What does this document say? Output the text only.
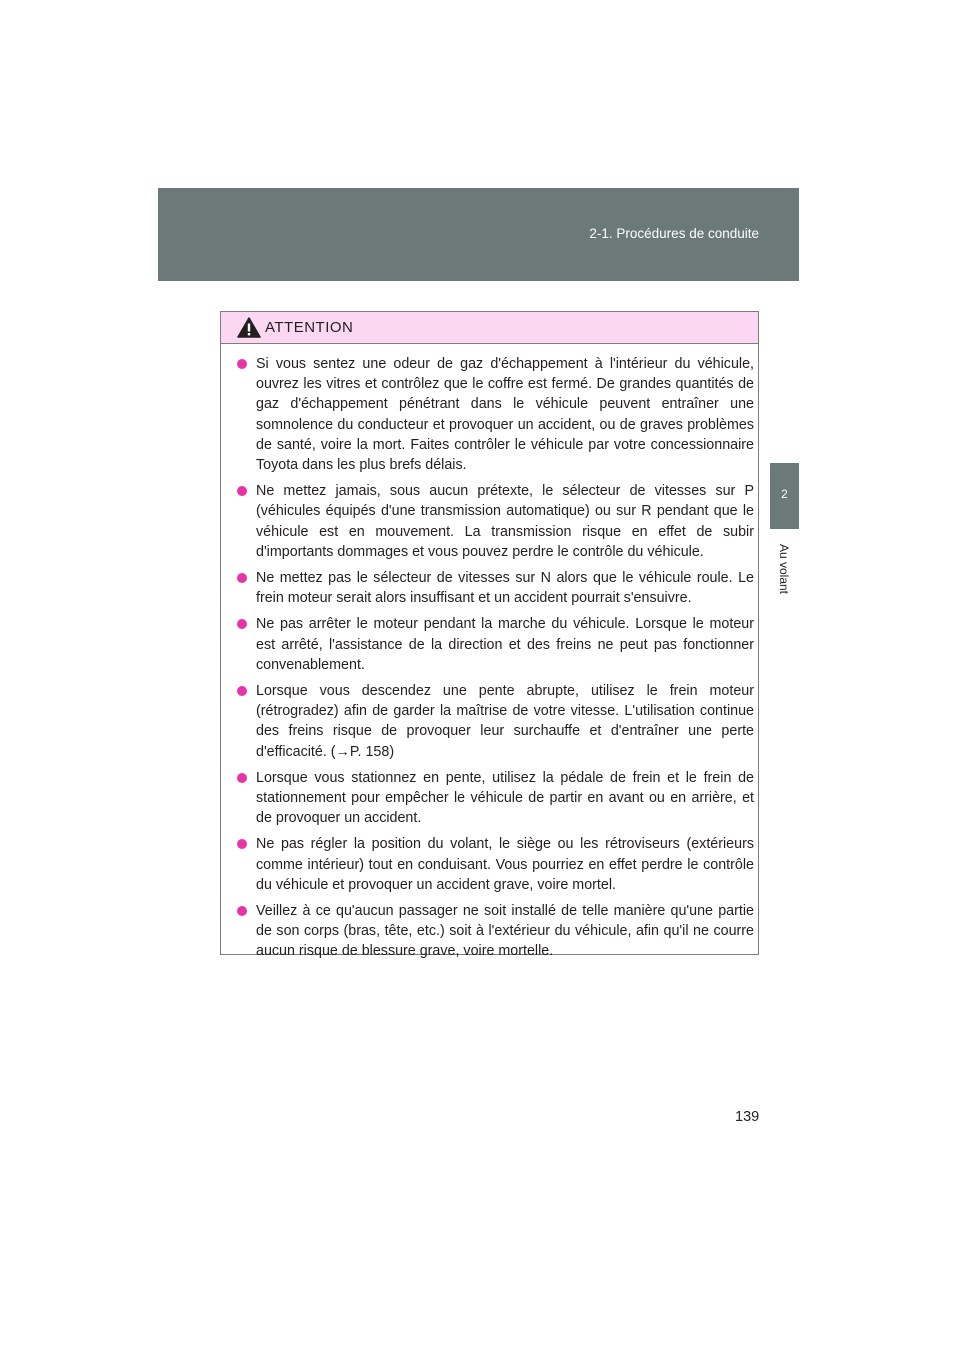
2-1. Procédures de conduite
2
Au volant
ATTENTION
Si vous sentez une odeur de gaz d'échappement à l'intérieur du véhicule, ouvrez les vitres et contrôlez que le coffre est fermé. De grandes quantités de gaz d'échappement pénétrant dans le véhicule peuvent entraîner une somnolence du conducteur et provoquer un accident, ou de graves problèmes de santé, voire la mort. Faites contrôler le véhicule par votre concessionnaire Toyota dans les plus brefs délais.
Ne mettez jamais, sous aucun prétexte, le sélecteur de vitesses sur P (véhicules équipés d'une transmission automatique) ou sur R pendant que le véhicule est en mouvement. La transmission risque en effet de subir d'importants dommages et vous pouvez perdre le contrôle du véhicule.
Ne mettez pas le sélecteur de vitesses sur N alors que le véhicule roule. Le frein moteur serait alors insuffisant et un accident pourrait s'ensuivre.
Ne pas arrêter le moteur pendant la marche du véhicule. Lorsque le moteur est arrêté, l'assistance de la direction et des freins ne peut pas fonctionner convenablement.
Lorsque vous descendez une pente abrupte, utilisez le frein moteur (rétrogradez) afin de garder la maîtrise de votre vitesse. L'utilisation continue des freins risque de provoquer leur surchauffe et d'entraîner une perte d'efficacité. (→P. 158)
Lorsque vous stationnez en pente, utilisez la pédale de frein et le frein de stationnement pour empêcher le véhicule de partir en avant ou en arrière, et de provoquer un accident.
Ne pas régler la position du volant, le siège ou les rétroviseurs (extérieurs comme intérieur) tout en conduisant. Vous pourriez en effet perdre le contrôle du véhicule et provoquer un accident grave, voire mortel.
Veillez à ce qu'aucun passager ne soit installé de telle manière qu'une partie de son corps (bras, tête, etc.) soit à l'extérieur du véhicule, afin qu'il ne courre aucun risque de blessure grave, voire mortelle.
139
